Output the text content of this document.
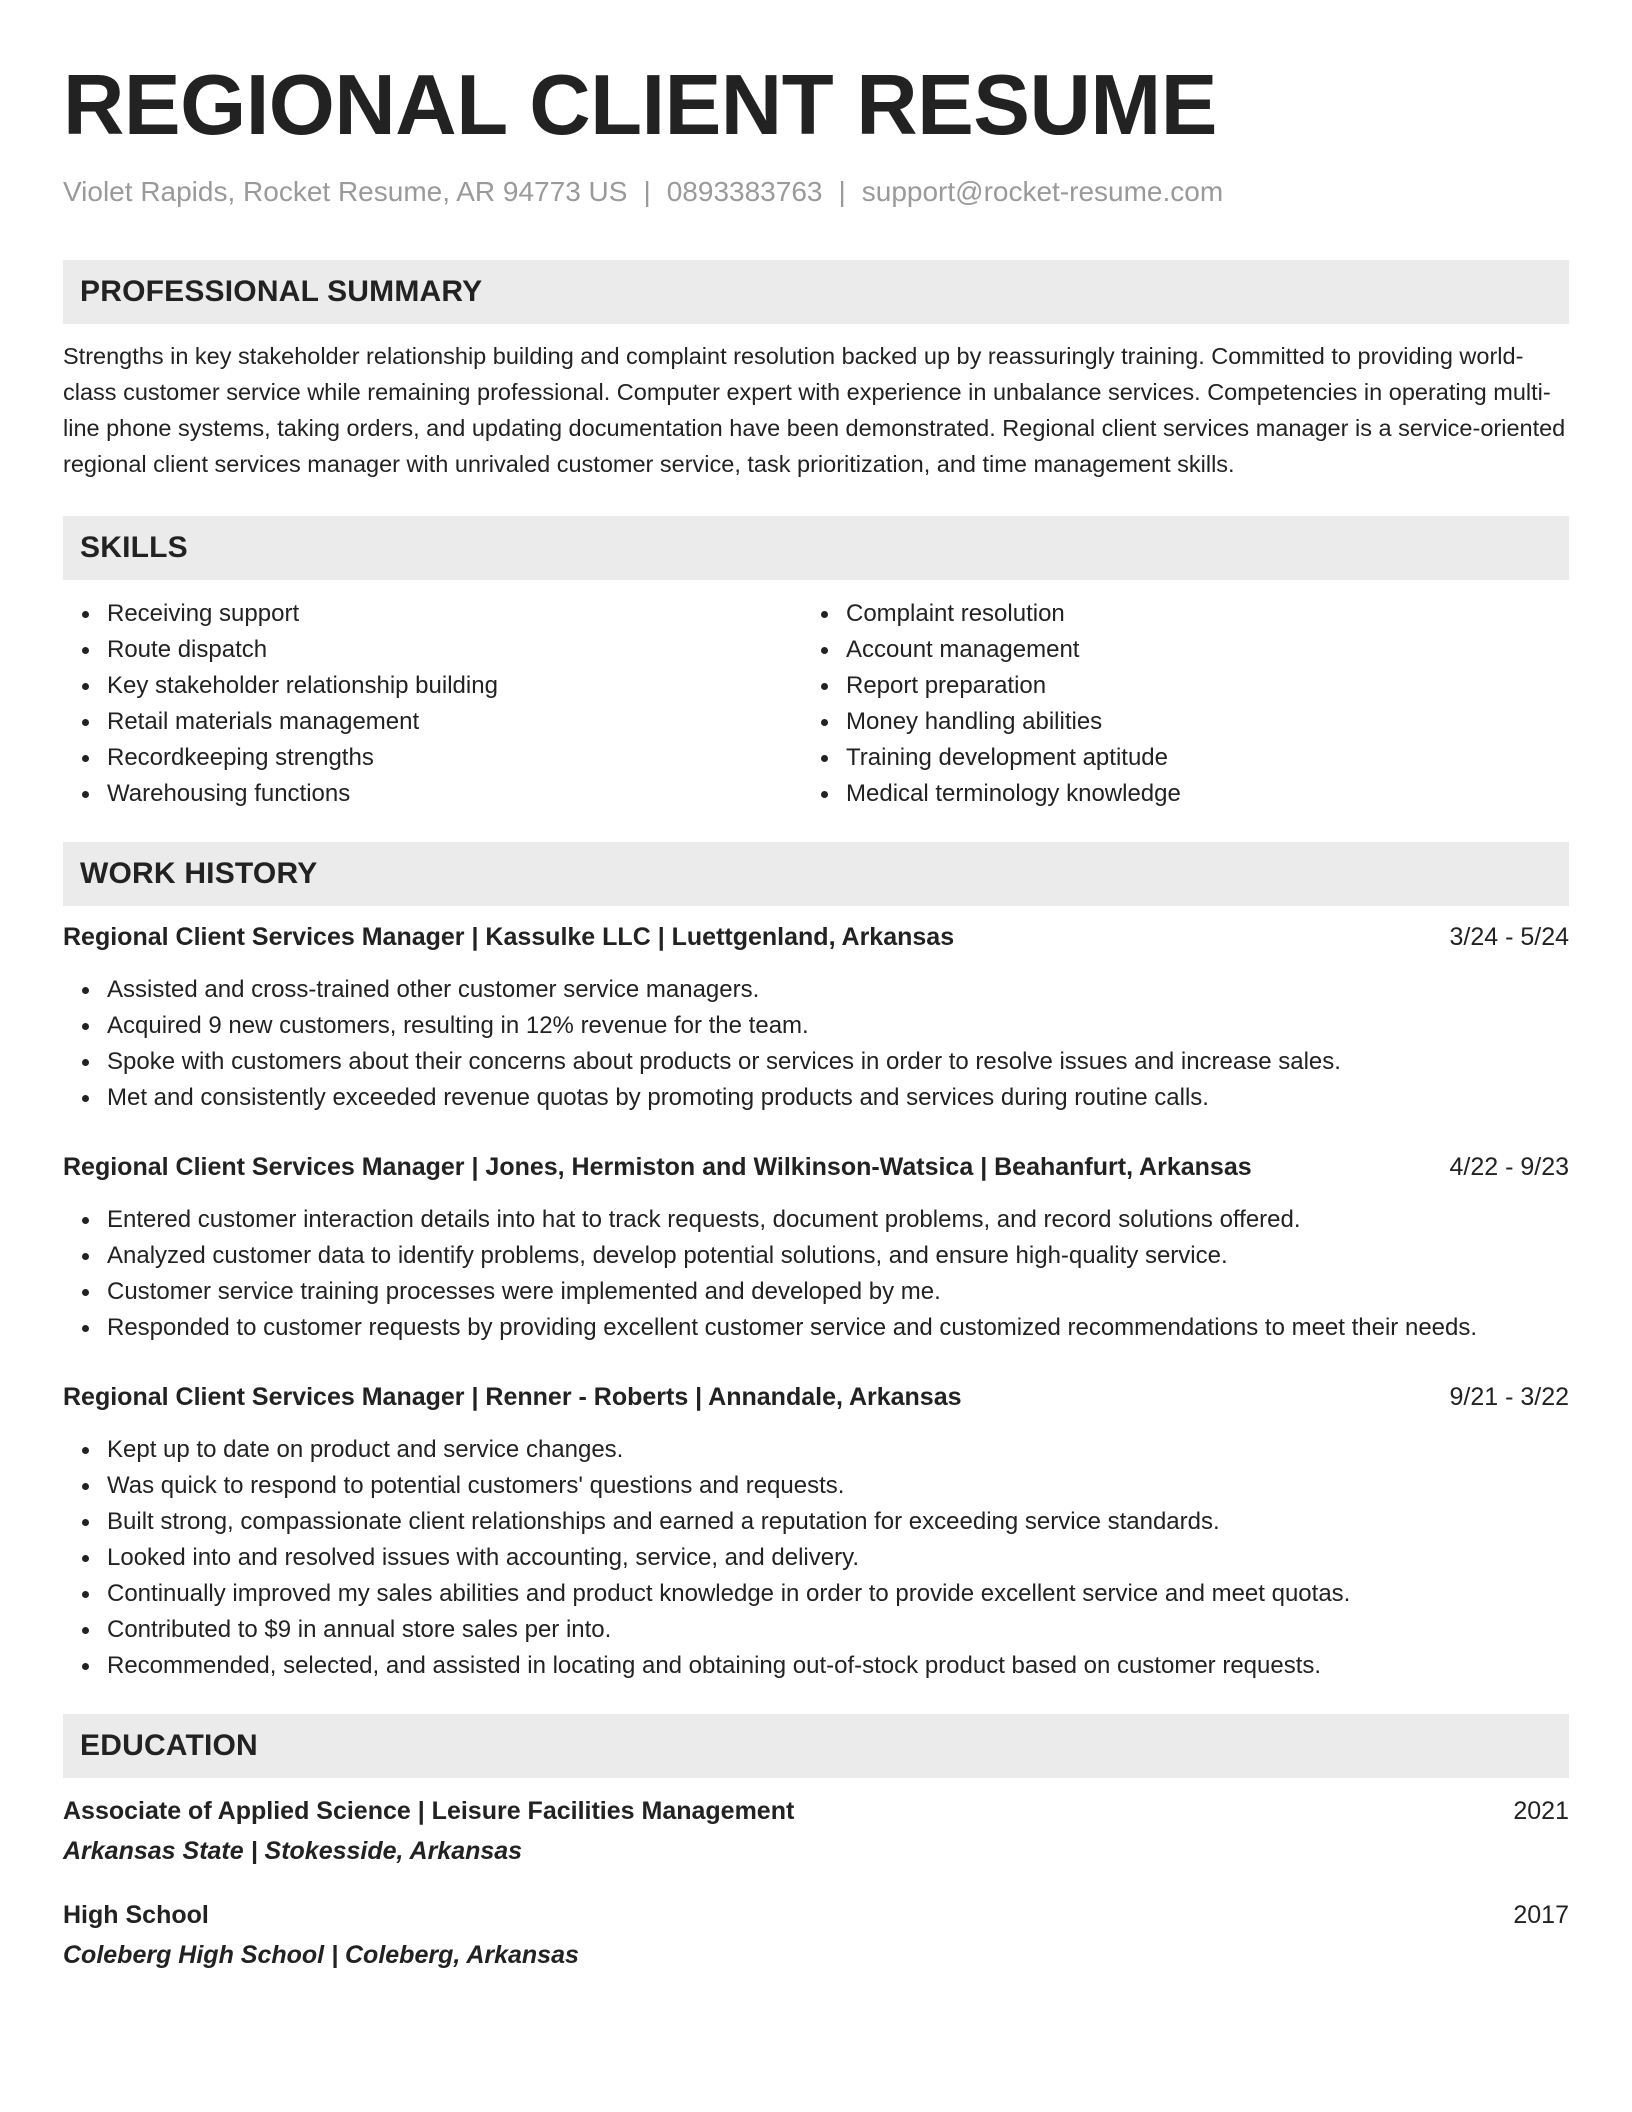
REGIONAL CLIENT RESUME
Violet Rapids, Rocket Resume, AR 94773 US | 0893383763 | support@rocket-resume.com
PROFESSIONAL SUMMARY
Strengths in key stakeholder relationship building and complaint resolution backed up by reassuringly training. Committed to providing world-class customer service while remaining professional. Computer expert with experience in unbalance services. Competencies in operating multi-line phone systems, taking orders, and updating documentation have been demonstrated. Regional client services manager is a service-oriented regional client services manager with unrivaled customer service, task prioritization, and time management skills.
SKILLS
Receiving support
Route dispatch
Key stakeholder relationship building
Retail materials management
Recordkeeping strengths
Warehousing functions
Complaint resolution
Account management
Report preparation
Money handling abilities
Training development aptitude
Medical terminology knowledge
WORK HISTORY
Regional Client Services Manager | Kassulke LLC | Luettgenland, Arkansas	3/24 - 5/24
Assisted and cross-trained other customer service managers.
Acquired 9 new customers, resulting in 12% revenue for the team.
Spoke with customers about their concerns about products or services in order to resolve issues and increase sales.
Met and consistently exceeded revenue quotas by promoting products and services during routine calls.
Regional Client Services Manager | Jones, Hermiston and Wilkinson-Watsica | Beahanfurt, Arkansas	4/22 - 9/23
Entered customer interaction details into hat to track requests, document problems, and record solutions offered.
Analyzed customer data to identify problems, develop potential solutions, and ensure high-quality service.
Customer service training processes were implemented and developed by me.
Responded to customer requests by providing excellent customer service and customized recommendations to meet their needs.
Regional Client Services Manager | Renner - Roberts | Annandale, Arkansas	9/21 - 3/22
Kept up to date on product and service changes.
Was quick to respond to potential customers' questions and requests.
Built strong, compassionate client relationships and earned a reputation for exceeding service standards.
Looked into and resolved issues with accounting, service, and delivery.
Continually improved my sales abilities and product knowledge in order to provide excellent service and meet quotas.
Contributed to $9 in annual store sales per into.
Recommended, selected, and assisted in locating and obtaining out-of-stock product based on customer requests.
EDUCATION
Associate of Applied Science | Leisure Facilities Management	2021
Arkansas State | Stokesside, Arkansas
High School	2017
Coleberg High School | Coleberg, Arkansas
